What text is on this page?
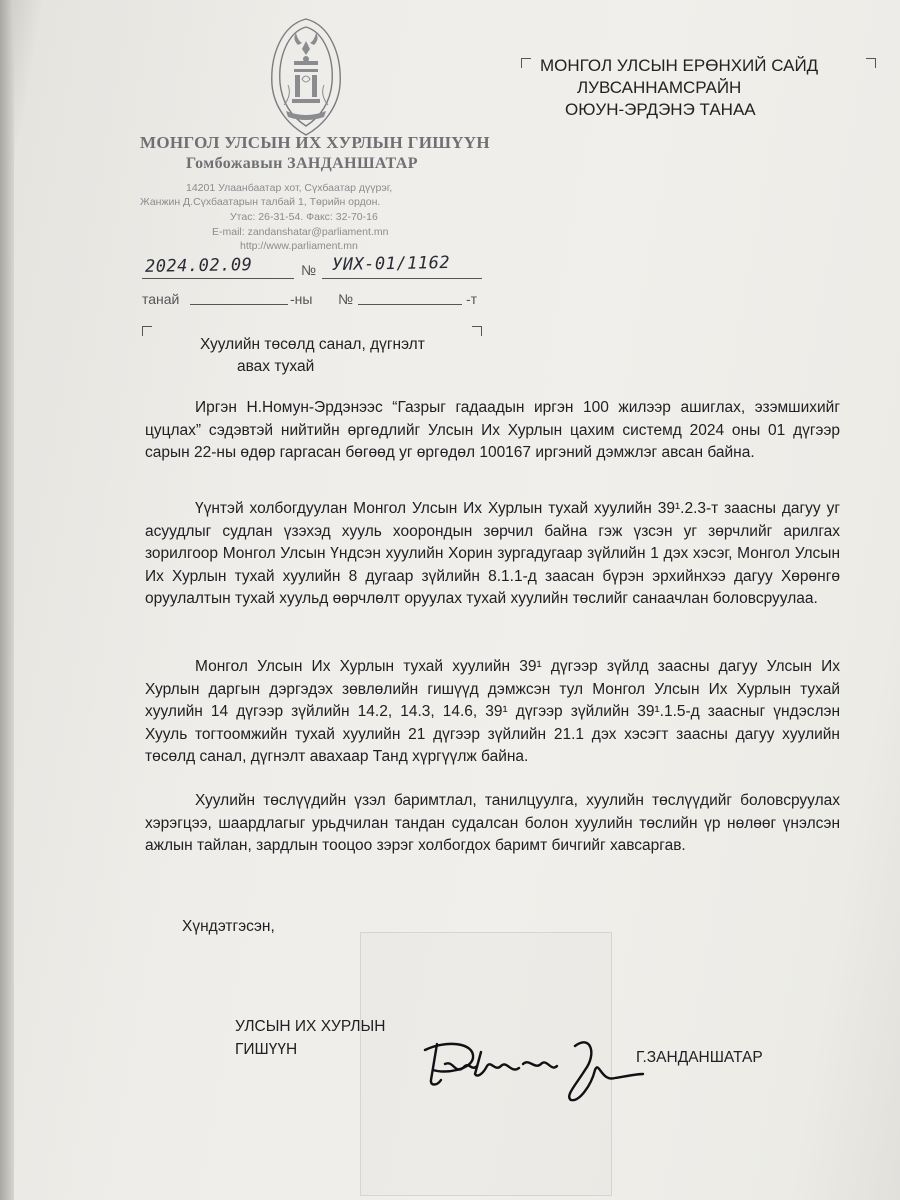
МОНГОЛ УЛСЫН ИХ ХУРЛЫН ГИШҮҮН
Гомбожавын ЗАНДАНШАТАР
14201 Улаанбаатар хот, Сүхбаатар дүүрэг,
Жанжин Д.Сүхбаатарын талбай 1, Төрийн ордон.
Утас: 26-31-54. Факс: 32-70-16
E-mail: zandanshatar@parliament.mn
http://www.parliament.mn
2024.02.09	№ УИХ-01/1162
танай	-ны №	-т
МОНГОЛ УЛСЫН ЕРӨНХИЙ САЙД
ЛУВСАННАМСРАЙН
ОЮУН-ЭРДЭНЭ ТАНАА
Хуулийн төсөлд санал, дүгнэлт
авах тухай

Иргэн Н.Номун-Эрдэнээс “Газрыг гадаадын иргэн 100 жилээр ашиглах, эзэмшихийг цуцлах” сэдэвтэй нийтийн өргөдлийг Улсын Их Хурлын цахим системд 2024 оны 01 дүгээр сарын 22-ны өдөр гаргасан бөгөөд уг өргөдөл 100167 иргэний дэмжлэг авсан байна.

Үүнтэй холбогдуулан Монгол Улсын Их Хурлын тухай хуулийн 39¹.2.3-т заасны дагуу уг асуудлыг судлан үзэхэд хууль хоорондын зөрчил байна гэж үзсэн уг зөрчлийг арилгах зорилгоор Монгол Улсын Үндсэн хуулийн Хорин зургадугаар зүйлийн 1 дэх хэсэг, Монгол Улсын Их Хурлын тухай хуулийн 8 дугаар зүйлийн 8.1.1-д заасан бүрэн эрхийнхээ дагуу Хөрөнгө оруулалтын тухай хуульд өөрчлөлт оруулах тухай хуулийн төслийг санаачлан боловсруулаа.

Монгол Улсын Их Хурлын тухай хуулийн 39¹ дүгээр зүйлд заасны дагуу Улсын Их Хурлын даргын дэргэдэх зөвлөлийн гишүүд дэмжсэн тул Монгол Улсын Их Хурлын тухай хуулийн 14 дүгээр зүйлийн 14.2, 14.3, 14.6, 39¹ дүгээр зүйлийн 39¹.1.5-д заасныг үндэслэн Хууль тогтоомжийн тухай хуулийн 21 дүгээр зүйлийн 21.1 дэх хэсэгт заасны дагуу хуулийн төсөлд санал, дүгнэлт авахаар Танд хүргүүлж байна.

Хуулийн төслүүдийн үзэл баримтлал, танилцуулга, хуулийн төслүүдийг боловсруулах хэрэгцээ, шаардлагыг урьдчилан тандан судалсан болон хуулийн төслийн үр нөлөөг үнэлсэн ажлын тайлан, зардлын тооцоо зэрэг холбогдох баримт бичгийг хавсаргав.

Хүндэтгэсэн,
УЛСЫН ИХ ХУРЛЫН
ГИШҮҮН	Г.ЗАНДАНШАТАР
